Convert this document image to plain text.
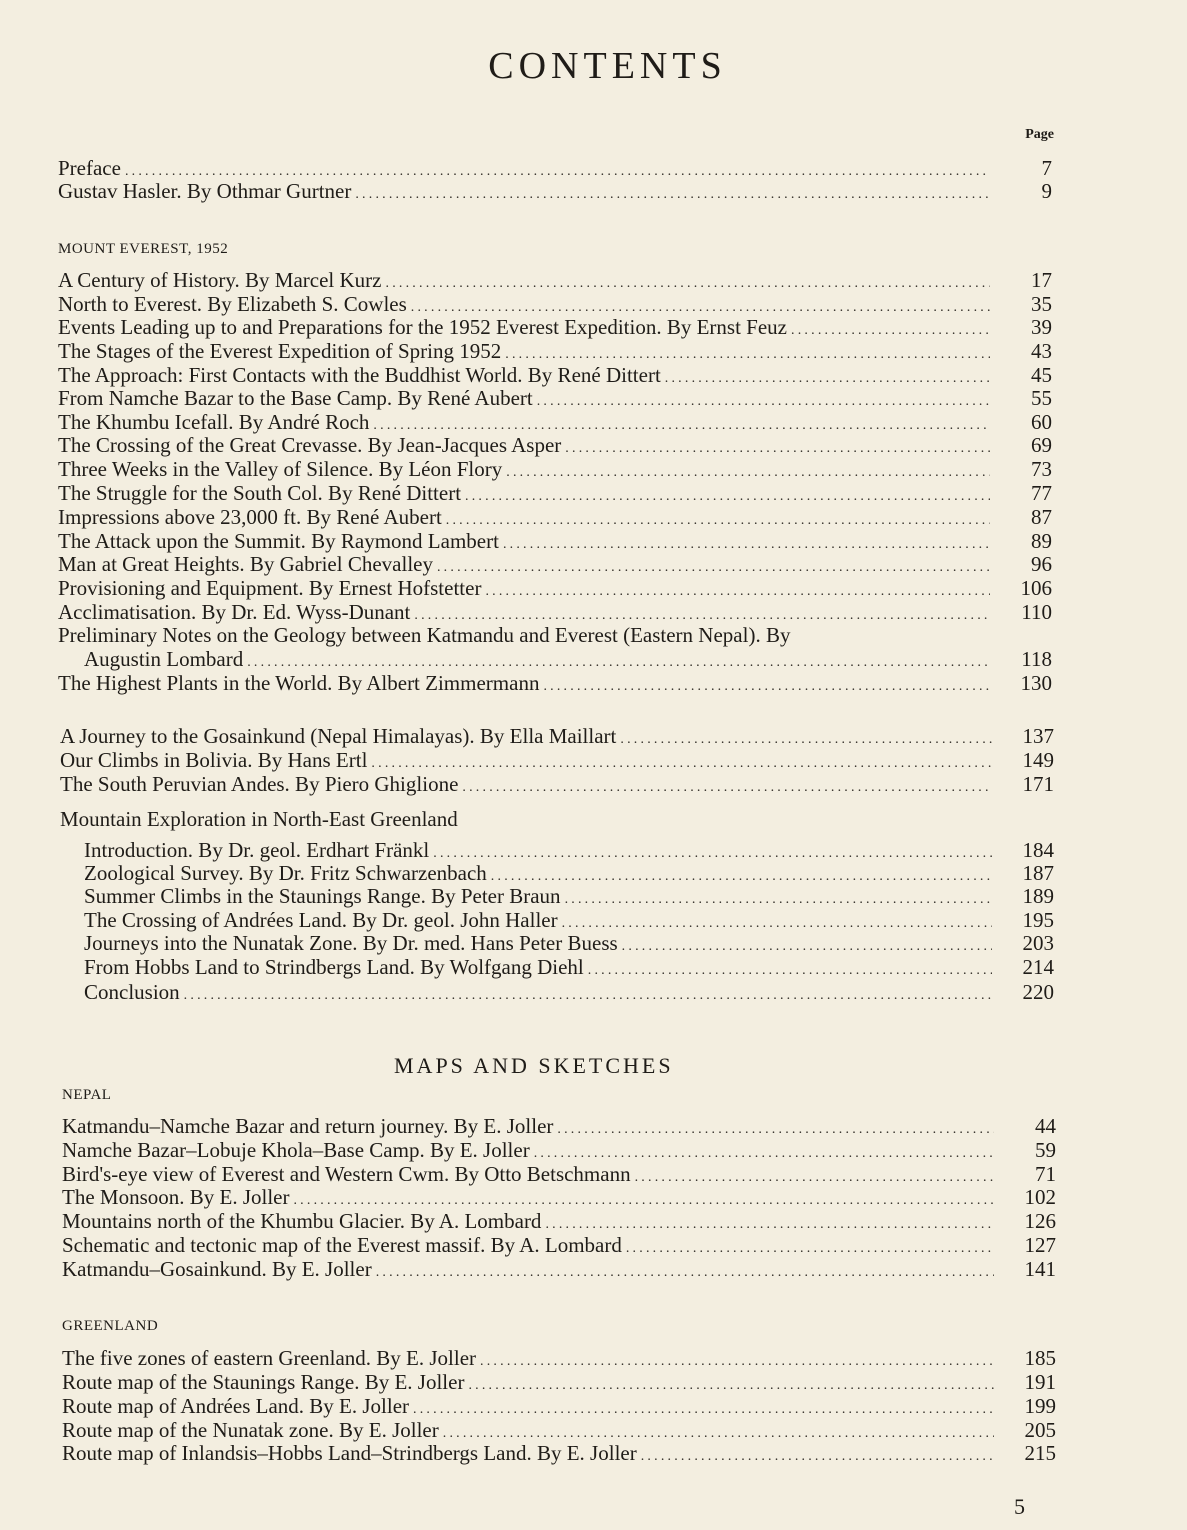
CONTENTS
Page
Preface .....	7
Gustav Hasler. By Othmar Gurtner .....	9
MOUNT EVEREST, 1952
A Century of History. By Marcel Kurz .....	17
North to Everest. By Elizabeth S. Cowles .....	35
Events Leading up to and Preparations for the 1952 Everest Expedition. By Ernst Feuz .....	39
The Stages of the Everest Expedition of Spring 1952 .....	43
The Approach: First Contacts with the Buddhist World. By René Dittert .....	45
From Namche Bazar to the Base Camp. By René Aubert .....	55
The Khumbu Icefall. By André Roch .....	60
The Crossing of the Great Crevasse. By Jean-Jacques Asper .....	69
Three Weeks in the Valley of Silence. By Léon Flory .....	73
The Struggle for the South Col. By René Dittert .....	77
Impressions above 23,000 ft. By René Aubert .....	87
The Attack upon the Summit. By Raymond Lambert .....	89
Man at Great Heights. By Gabriel Chevalley .....	96
Provisioning and Equipment. By Ernest Hofstetter .....	106
Acclimatisation. By Dr. Ed. Wyss-Dunant .....	110
Preliminary Notes on the Geology between Katmandu and Everest (Eastern Nepal). By
Augustin Lombard .....	118
The Highest Plants in the World. By Albert Zimmermann .....	130
A Journey to the Gosainkund (Nepal Himalayas). By Ella Maillart .....	137
Our Climbs in Bolivia. By Hans Ertl .....	149
The South Peruvian Andes. By Piero Ghiglione .....	171
Mountain Exploration in North-East Greenland
Introduction. By Dr. geol. Erdhart Fränkl .....	184
Zoological Survey. By Dr. Fritz Schwarzenbach .....	187
Summer Climbs in the Staunings Range. By Peter Braun .....	189
The Crossing of Andrées Land. By Dr. geol. John Haller .....	195
Journeys into the Nunatak Zone. By Dr. med. Hans Peter Buess .....	203
From Hobbs Land to Strindbergs Land. By Wolfgang Diehl .....	214
Conclusion .....	220
MAPS AND SKETCHES
NEPAL
Katmandu–Namche Bazar and return journey. By E. Joller .....	44
Namche Bazar–Lobuje Khola–Base Camp. By E. Joller .....	59
Bird's-eye view of Everest and Western Cwm. By Otto Betschmann .....	71
The Monsoon. By E. Joller .....	102
Mountains north of the Khumbu Glacier. By A. Lombard .....	126
Schematic and tectonic map of the Everest massif. By A. Lombard .....	127
Katmandu–Gosainkund. By E. Joller .....	141
GREENLAND
The five zones of eastern Greenland. By E. Joller .....	185
Route map of the Staunings Range. By E. Joller .....	191
Route map of Andrées Land. By E. Joller .....	199
Route map of the Nunatak zone. By E. Joller .....	205
Route map of Inlandsis–Hobbs Land–Strindbergs Land. By E. Joller .....	215
5
